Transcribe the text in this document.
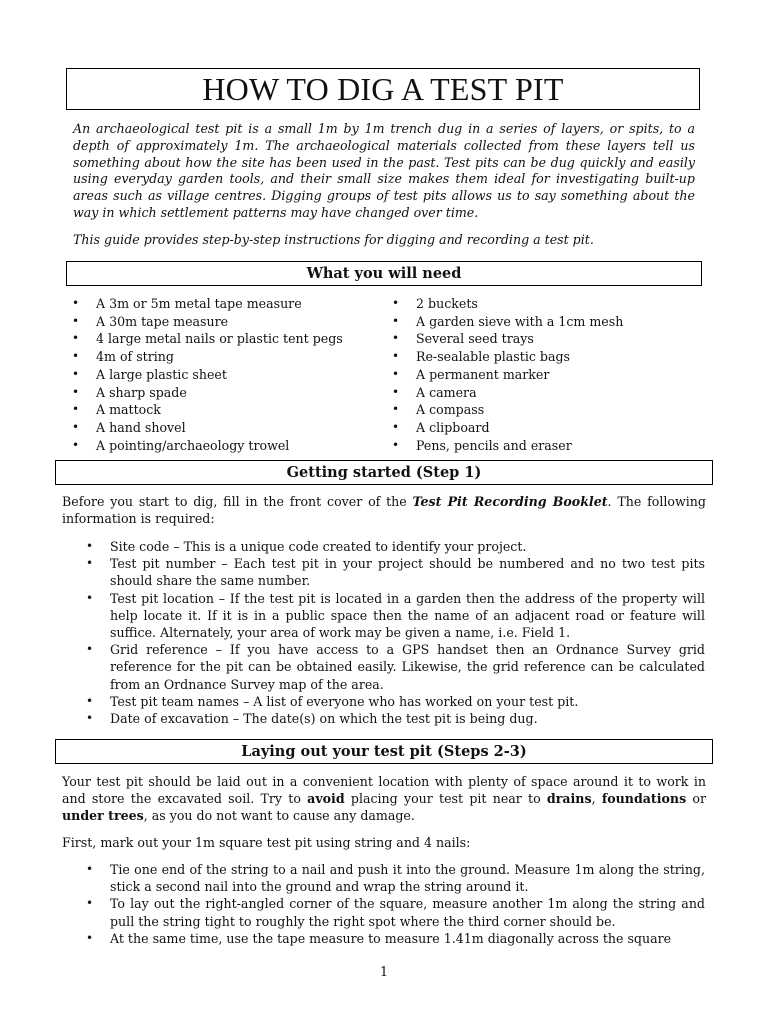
HOW TO DIG A TEST PIT

An archaeological test pit is a small 1m by 1m trench dug in a series of layers, or spits, to a depth of approximately 1m. The archaeological materials collected from these layers tell us something about how the site has been used in the past. Test pits can be dug quickly and easily using everyday garden tools, and their small size makes them ideal for investigating built-up areas such as village centres. Digging groups of test pits allows us to say something about the way in which settlement patterns may have changed over time.

This guide provides step-by-step instructions for digging and recording a test pit.

What you will need
• A 3m or 5m metal tape measure
• A 30m tape measure
• 4 large metal nails or plastic tent pegs
• 4m of string
• A large plastic sheet
• A sharp spade
• A mattock
• A hand shovel
• A pointing/archaeology trowel
• 2 buckets
• A garden sieve with a 1cm mesh
• Several seed trays
• Re-sealable plastic bags
• A permanent marker
• A camera
• A compass
• A clipboard
• Pens, pencils and eraser
Getting started (Step 1)

Before you start to dig, fill in the front cover of the Test Pit Recording Booklet. The following information is required:

• Site code – This is a unique code created to identify your project.
• Test pit number – Each test pit in your project should be numbered and no two test pits should share the same number.
• Test pit location – If the test pit is located in a garden then the address of the property will help locate it. If it is in a public space then the name of an adjacent road or feature will suffice. Alternately, your area of work may be given a name, i.e. Field 1.
• Grid reference – If you have access to a GPS handset then an Ordnance Survey grid reference for the pit can be obtained easily. Likewise, the grid reference can be calculated from an Ordnance Survey map of the area.
• Test pit team names – A list of everyone who has worked on your test pit.
• Date of excavation – The date(s) on which the test pit is being dug.
Laying out your test pit (Steps 2-3)

Your test pit should be laid out in a convenient location with plenty of space around it to work in and store the excavated soil. Try to avoid placing your test pit near to drains, foundations or under trees, as you do not want to cause any damage.

First, mark out your 1m square test pit using string and 4 nails:

• Tie one end of the string to a nail and push it into the ground. Measure 1m along the string, stick a second nail into the ground and wrap the string around it.
• To lay out the right-angled corner of the square, measure another 1m along the string and pull the string tight to roughly the right spot where the third corner should be.
• At the same time, use the tape measure to measure 1.41m diagonally across the square
1
